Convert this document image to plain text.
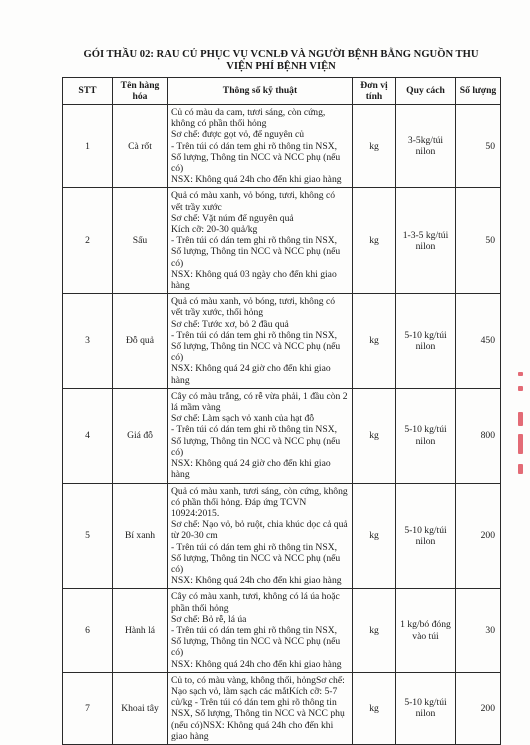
GÓI THẦU 02: RAU CỦ PHỤC VỤ VCNLĐ VÀ NGƯỜI BỆNH BẰNG NGUỒN THU
VIỆN PHÍ BỆNH VIỆN
STT	Tên hàng hóa	Thông số kỹ thuật	Đơn vị tính	Quy cách	Số lượng
1	Cà rốt	Củ có màu da cam, tươi sáng, còn cứng, không có phần thối hỏng
Sơ chế: được gọt vỏ, để nguyên củ
- Trên túi có dán tem ghi rõ thông tin NSX, Số lượng, Thông tin NCC và NCC phụ (nếu có)
NSX: Không quá 24h cho đến khi giao hàng	kg	3-5kg/túi nilon	50
2	Sấu	Quả có màu xanh, vỏ bóng, tươi, không có vết trầy xước
Sơ chế: Vặt núm để nguyên quả
Kích cỡ: 20-30 quả/kg
- Trên túi có dán tem ghi rõ thông tin NSX, Số lượng, Thông tin NCC và NCC phụ (nếu có)
NSX: Không quá 03 ngày cho đến khi giao hàng	kg	1-3-5 kg/túi nilon	50
3	Đỗ quả	Quả có màu xanh, vỏ bóng, tươi, không có vết trầy xước, thối hỏng
Sơ chế: Tước xơ, bỏ 2 đầu quả
- Trên túi có dán tem ghi rõ thông tin NSX, Số lượng, Thông tin NCC và NCC phụ (nếu có)
NSX: Không quá 24 giờ cho đến khi giao hàng	kg	5-10 kg/túi nilon	450
4	Giá đỗ	Cây có màu trắng, có rễ vừa phải, 1 đầu còn 2 lá mầm vàng
Sơ chế: Làm sạch vỏ xanh của hạt đỗ
- Trên túi có dán tem ghi rõ thông tin NSX, Số lượng, Thông tin NCC và NCC phụ (nếu có)
NSX: Không quá 24 giờ cho đến khi giao hàng	kg	5-10 kg/túi nilon	800
5	Bí xanh	Quả có màu xanh, tươi sáng, còn cứng, không có phần thối hỏng. Đáp ứng TCVN 10924:2015.
Sơ chế: Nạo vỏ, bỏ ruột, chia khúc dọc cả quả từ 20-30 cm
- Trên túi có dán tem ghi rõ thông tin NSX, Số lượng, Thông tin NCC và NCC phụ (nếu có)
NSX: Không quá 24h cho đến khi giao hàng	kg	5-10 kg/túi nilon	200
6	Hành lá	Cây có màu xanh, tươi, không có lá úa hoặc phần thối hỏng
Sơ chế: Bỏ rễ, lá úa
- Trên túi có dán tem ghi rõ thông tin NSX, Số lượng, Thông tin NCC và NCC phụ (nếu có)
NSX: Không quá 24h cho đến khi giao hàng	kg	1 kg/bó đóng vào túi	30
7	Khoai tây	Củ to, có màu vàng, không thối, hỏngSơ chế: Nạo sạch vỏ, làm sạch các mắtKích cỡ: 5-7 củ/kg - Trên túi có dán tem ghi rõ thông tin NSX, Số lượng, Thông tin NCC và NCC phụ (nếu có)NSX: Không quá 24h cho đến khi giao hàng	kg	5-10 kg/túi nilon	200
